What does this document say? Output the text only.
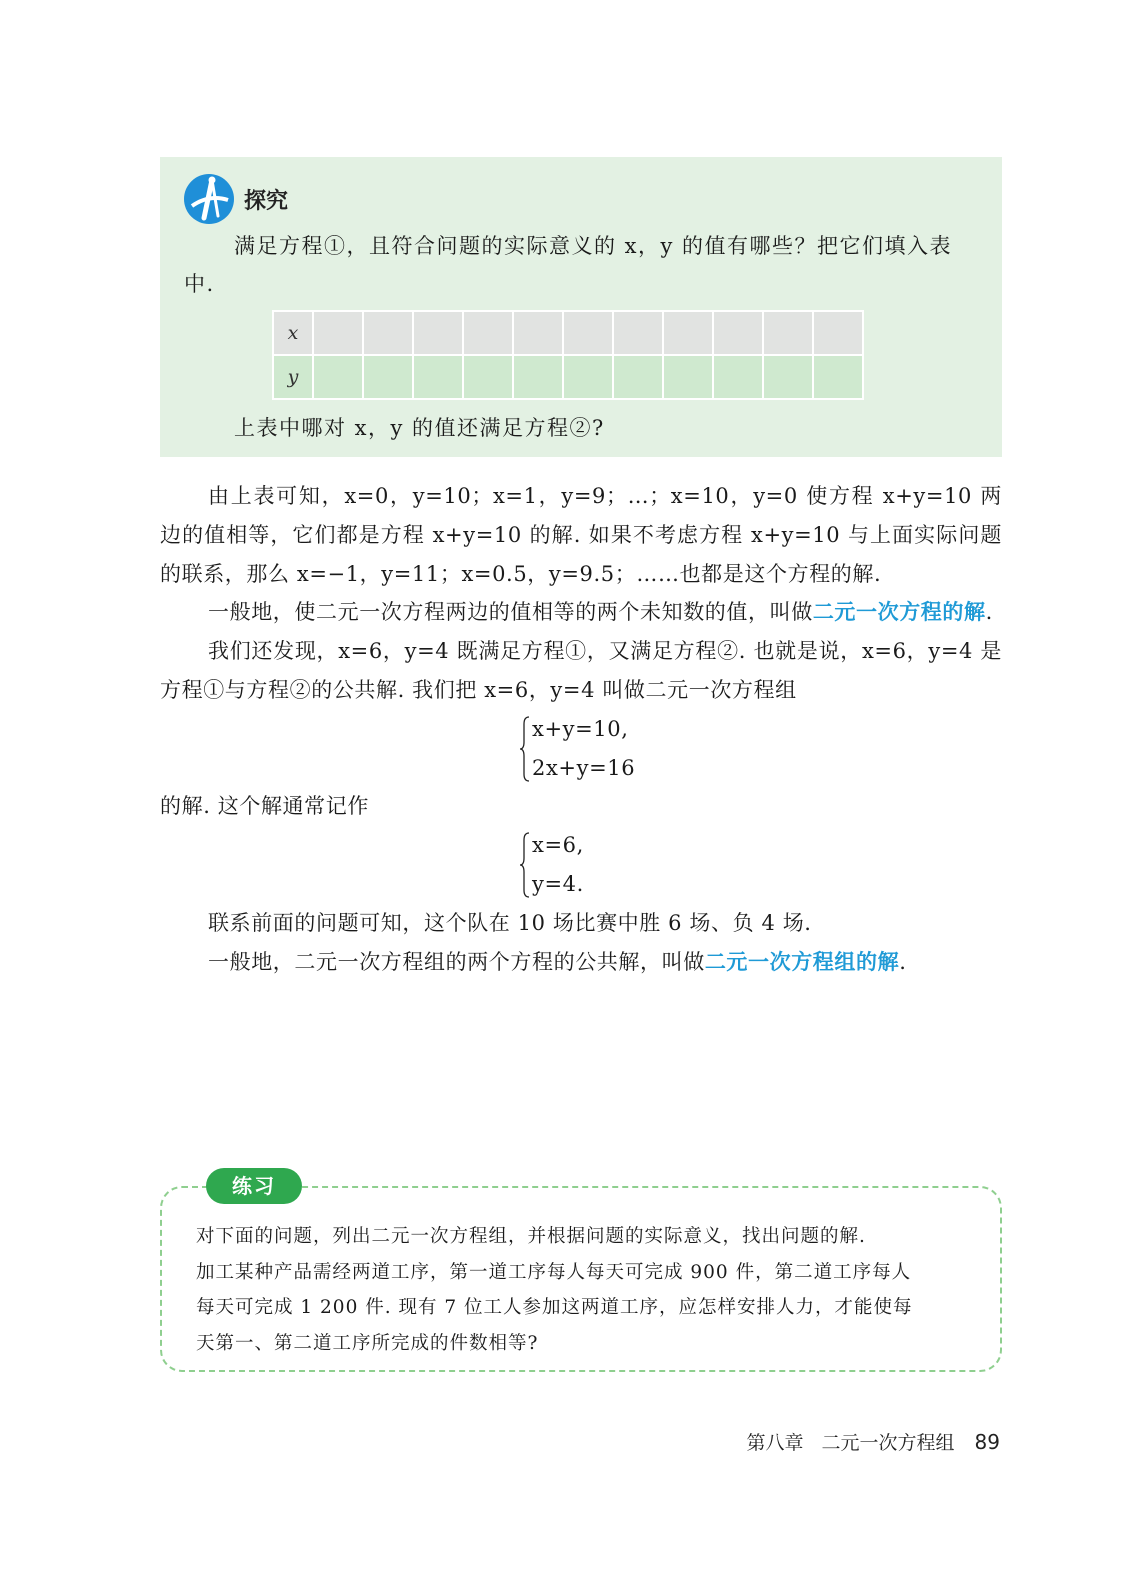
探究

满足方程①，且符合问题的实际意义的 x，y 的值有哪些？把它们填入表中.

x											
y											

上表中哪对 x，y 的值还满足方程②?

由上表可知，x=0，y=10；x=1，y=9；…；x=10，y=0 使方程 x+y=10 两边的值相等，它们都是方程 x+y=10 的解. 如果不考虑方程 x+y=10 与上面实际问题的联系，那么 x=−1，y=11；x=0.5，y=9.5；……也都是这个方程的解.

一般地，使二元一次方程两边的值相等的两个未知数的值，叫做二元一次方程的解.

我们还发现，x=6，y=4 既满足方程①，又满足方程②. 也就是说，x=6，y=4 是方程①与方程②的公共解. 我们把 x=6，y=4 叫做二元一次方程组

x+y=10,
2x+y=16

的解. 这个解通常记作

x=6,
y=4.

联系前面的问题可知，这个队在 10 场比赛中胜 6 场、负 4 场.

一般地，二元一次方程组的两个方程的公共解，叫做二元一次方程组的解.

练习

对下面的问题，列出二元一次方程组，并根据问题的实际意义，找出问题的解.

加工某种产品需经两道工序，第一道工序每人每天可完成 900 件，第二道工序每人

每天可完成 1 200 件. 现有 7 位工人参加这两道工序，应怎样安排人力，才能使每

天第一、第二道工序所完成的件数相等?

第八章 二元一次方程组 89
